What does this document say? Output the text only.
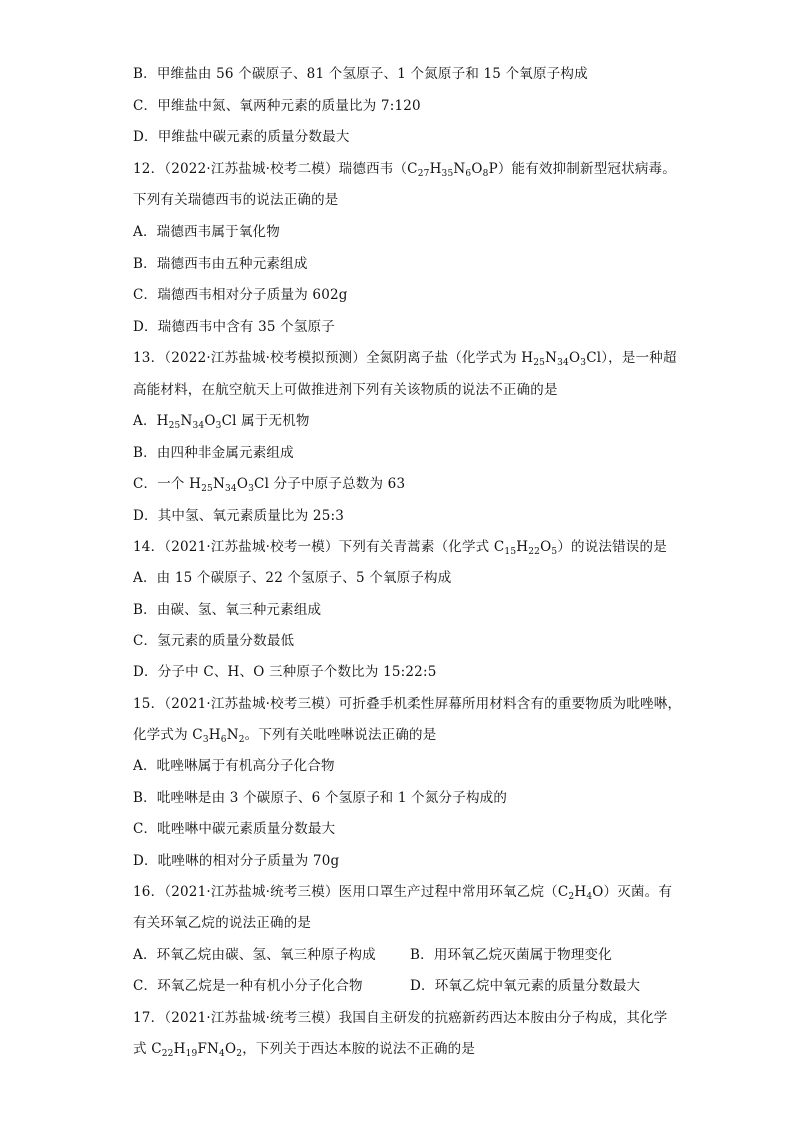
B．甲维盐由 56 个碳原子、81 个氢原子、1 个氮原子和 15 个氧原子构成
C．甲维盐中氮、氧两种元素的质量比为 7:120
D．甲维盐中碳元素的质量分数最大
12．（2022·江苏盐城·校考二模）瑞德西韦$(C_{27}H_{35}N_6O_8P)$能有效抑制新型冠状病毒。
下列有关瑞德西韦的说法正确的是
A．瑞德西韦属于氧化物
B．瑞德西韦由五种元素组成
C．瑞德西韦相对分子质量为 602g
D．瑞德西韦中含有 35 个氢原子
13．（2022·江苏盐城·校考模拟预测）全氮阴离子盐（化学式为 $H_{25}N_{34}O_3Cl$），是一种超
高能材料，在航空航天上可做推进剂下列有关该物质的说法不正确的是
A．$H_{25}N_{34}O_3Cl$ 属于无机物
B．由四种非金属元素组成
C．一个 $H_{25}N_{34}O_3Cl$ 分子中原子总数为 63
D．其中氢、氧元素质量比为 25:3
14．（2021·江苏盐城·校考一模）下列有关青蒿素（化学式 $C_{15}H_{22}O_5$）的说法错误的是
A．由 15 个碳原子、22 个氢原子、5 个氧原子构成
B．由碳、氢、氧三种元素组成
C．氢元素的质量分数最低
D．分子中 C、H、O 三种原子个数比为 15:22:5
15．（2021·江苏盐城·校考三模）可折叠手机柔性屏幕所用材料含有的重要物质为吡唑啉，
化学式为 $C_3H_6N_2$。下列有关吡唑啉说法正确的是
A．吡唑啉属于有机高分子化合物
B．吡唑啉是由 3 个碳原子、6 个氢原子和 1 个氮分子构成的
C．吡唑啉中碳元素质量分数最大
D．吡唑啉的相对分子质量为 70g
16．（2021·江苏盐城·统考三模）医用口罩生产过程中常用环氧乙烷$(C_2H_4O)$灭菌。有
有关环氧乙烷的说法正确的是
A．环氧乙烷由碳、氢、氧三种原子构成	B．用环氧乙烷灭菌属于物理变化
C．环氧乙烷是一种有机小分子化合物	D．环氧乙烷中氧元素的质量分数最大
17．（2021·江苏盐城·统考三模）我国自主研发的抗癌新药西达本胺由分子构成，其化学
式 $C_{22}H_{19}FN_4O_2$，下列关于西达本胺的说法不正确的是
